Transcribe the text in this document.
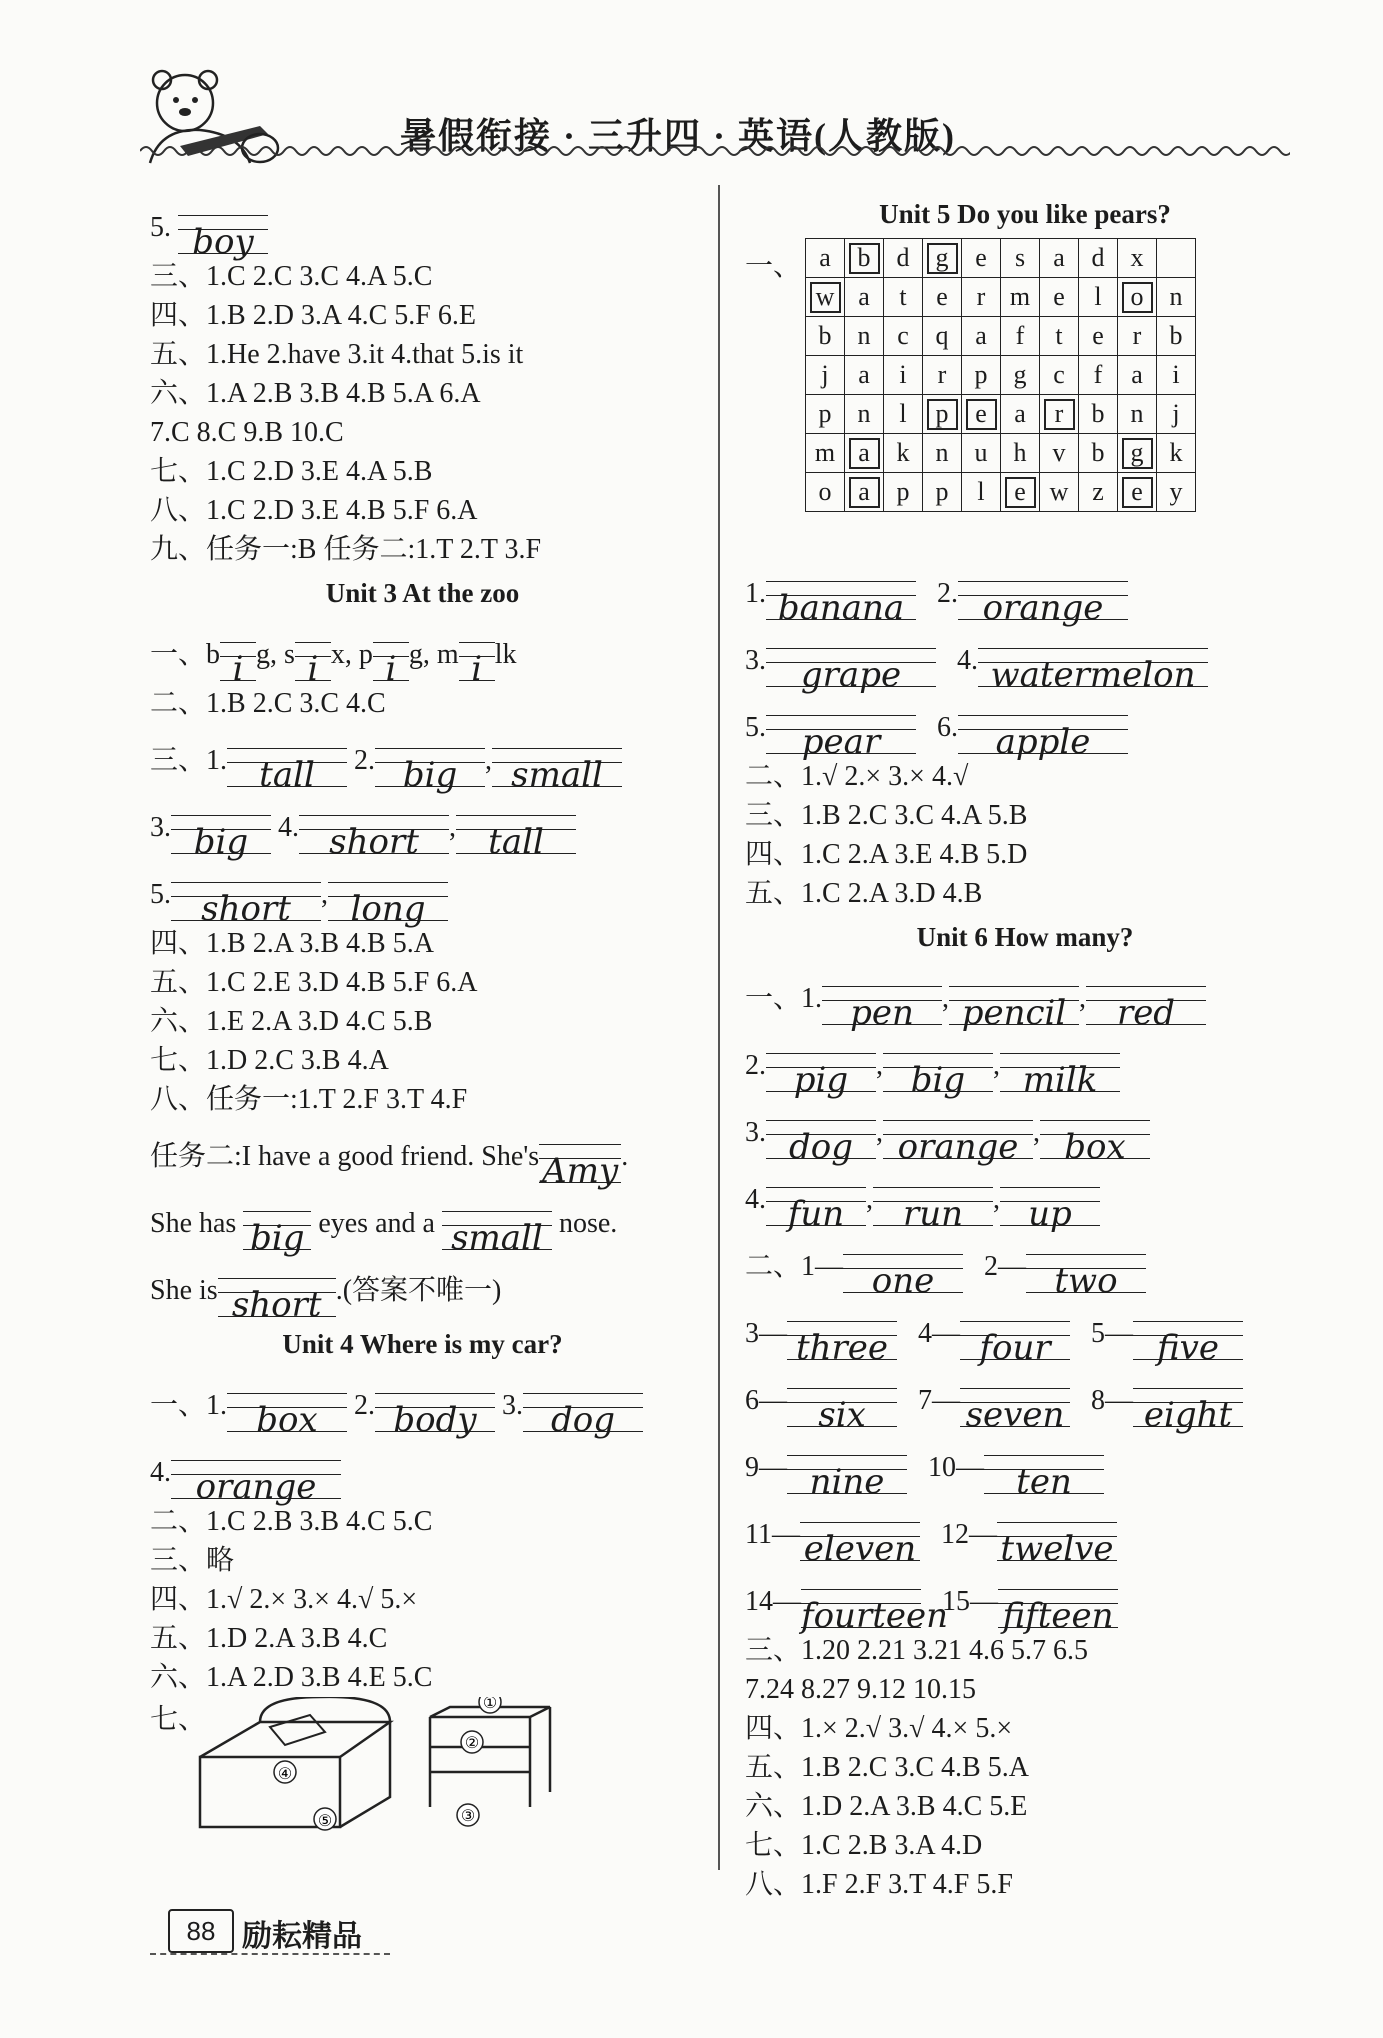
暑假衔接 · 三升四 · 英语(人教版)
5. boy
三、1.C 2.C 3.C 4.A 5.C
四、1.B 2.D 3.A 4.C 5.F 6.E
五、1.He 2.have 3.it 4.that 5.is it
六、1.A 2.B 3.B 4.B 5.A 6.A
7.C 8.C 9.B 10.C
七、1.C 2.D 3.E 4.A 5.B
八、1.C 2.D 3.E 4.B 5.F 6.A
九、任务一:B 任务二:1.T 2.T 3.F
Unit 3 At the zoo
一、b i g, s i x, p i g, m i lk
二、1.B 2.C 3.C 4.C
三、1. tall 2. big , small
3. big 4. short , tall
5. short , long
四、1.B 2.A 3.B 4.B 5.A
五、1.C 2.E 3.D 4.B 5.F 6.A
六、1.E 2.A 3.D 4.C 5.B
七、1.D 2.C 3.B 4.A
八、任务一:1.T 2.F 3.T 4.F
任务二:I have a good friend. She's
Amy .
She has big eyes and a small nose.
She is short .(答案不唯一)
Unit 4 Where is my car?
一、1. box 2. body 3. dog
4. orange
二、1.C 2.B 3.B 4.C 5.C
三、略
四、1.√ 2.× 3.× 4.√ 5.×
五、1.D 2.A 3.B 4.C
六、1.A 2.D 3.B 4.E 5.C
七、
④
⑤
①
②
③
Unit 5 Do you like pears?
一、 a	b	d	g	e	s	a	d	x	
w	a	t	e	r	m	e	l	o	n
b	n	c	q	a	f	t	e	r	b
j	a	i	r	p	g	c	f	a	i
p	n	l	p	e	a	r	b	n	j
m	a	k	n	u	h	v	b	g	k
o	a	p	p	l	e	w	z	e	y
1. banana   2. orange
3. grape   4. watermelon
5. pear   6. apple
二、1.√ 2.× 3.× 4.√
三、1.B 2.C 3.C 4.A 5.B
四、1.C 2.A 3.E 4.B 5.D
五、1.C 2.A 3.D 4.B
Unit 6 How many?
一、1. pen , pencil , red
2. pig , big , milk
3. dog , orange , box
4. fun , run , up
二、1— one 2— two
3— three 4— four 5— five
6— six 7— seven 8— eight
9— nine 10— ten
11— eleven 12— twelve
14—
fourteen   15— fifteen
三、1.20 2.21 3.21 4.6 5.7 6.5
7.24 8.27 9.12 10.15
四、1.× 2.√ 3.√ 4.× 5.×
五、1.B 2.C 3.C 4.B 5.A
六、1.D 2.A 3.B 4.C 5.E
七、1.C 2.B 3.A 4.D
八、1.F 2.F 3.T 4.F 5.F
88 励耘精品
